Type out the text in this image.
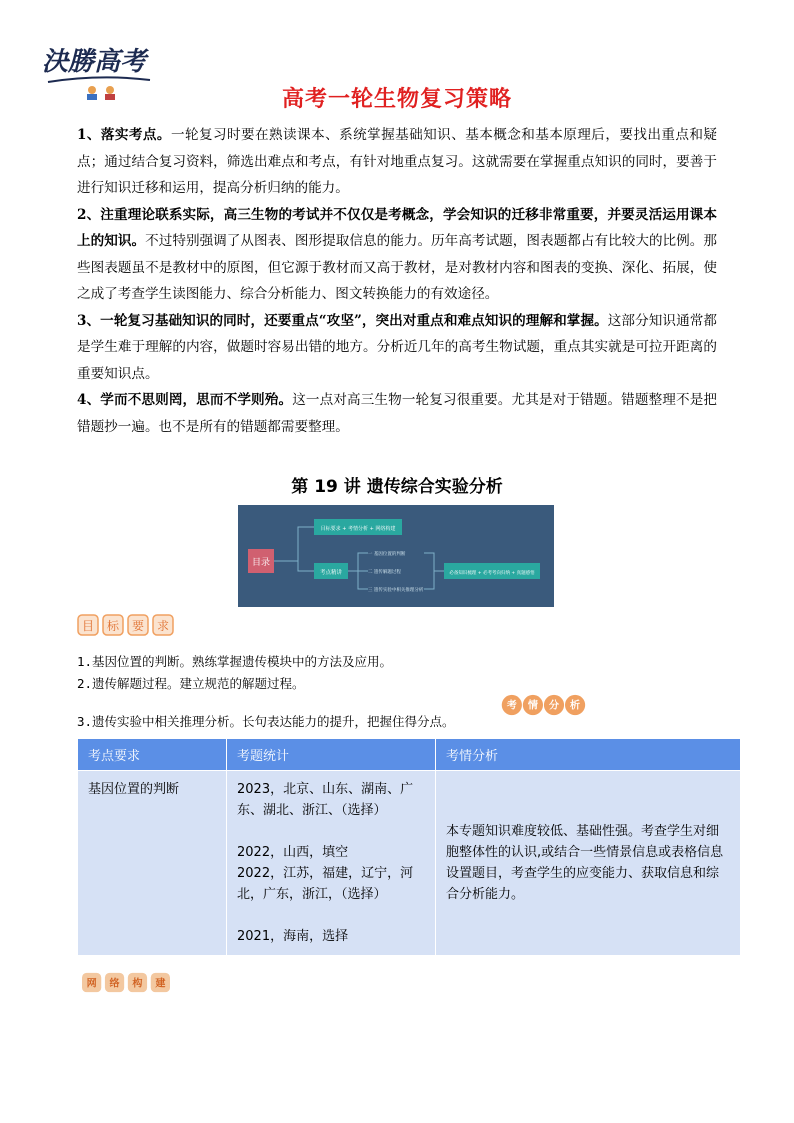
決勝高考
高考一轮生物复习策略

1、落实考点。一轮复习时要在熟读课本、系统掌握基础知识、基本概念和基本原理后，要找出重点和疑点；通过结合复习资料，筛选出难点和考点，有针对地重点复习。这就需要在掌握重点知识的同时，要善于进行知识迁移和运用，提高分析归纳的能力。

2、注重理论联系实际，高三生物的考试并不仅仅是考概念，学会知识的迁移非常重要，并要灵活运用课本上的知识。不过特别强调了从图表、图形提取信息的能力。历年高考试题，图表题都占有比较大的比例。那些图表题虽不是教材中的原图，但它源于教材而又高于教材，是对教材内容和图表的变换、深化、拓展，使之成了考查学生读图能力、综合分析能力、图文转换能力的有效途径。

3、一轮复习基础知识的同时，还要重点“攻坚”，突出对重点和难点知识的理解和掌握。这部分知识通常都是学生难于理解的内容，做题时容易出错的地方。分析近几年的高考生物试题，重点其实就是可拉开距离的重要知识点。

4、学而不思则罔，思而不学则殆。这一点对高三生物一轮复习很重要。尤其是对于错题。错题整理不是把错题抄一遍。也不是所有的错题都需要整理。

第 19 讲 遗传综合实验分析
目录
目标要求 + 考情分析 + 网络构建
考点精讲
一 基因位置的判断
二 遗传解题过程
三 遗传实验中相关推理分析
必备知识梳理 + 必考考向归纳 + 真题感悟
目 标 要 求
1.基因位置的判断。熟练掌握遗传模块中的方法及应用。
2.遗传解题过程。建立规范的解题过程。
3.遗传实验中相关推理分析。长句表达能力的提升，把握住得分点。
考 情 分 析
考点要求	考题统计	考情分析
基因位置的判断	2023，北京、山东、湖南、广东、湖北、浙江、（选择）
2022，山西，填空
2022，江苏，福建，辽宁，河北，广东，浙江，（选择）
2021，海南，选择	本专题知识难度较低、基础性强。考查学生对细胞整体性的认识,或结合一些情景信息或表格信息设置题目，考查学生的应变能力、获取信息和综合分析能力。
网 络 构 建
